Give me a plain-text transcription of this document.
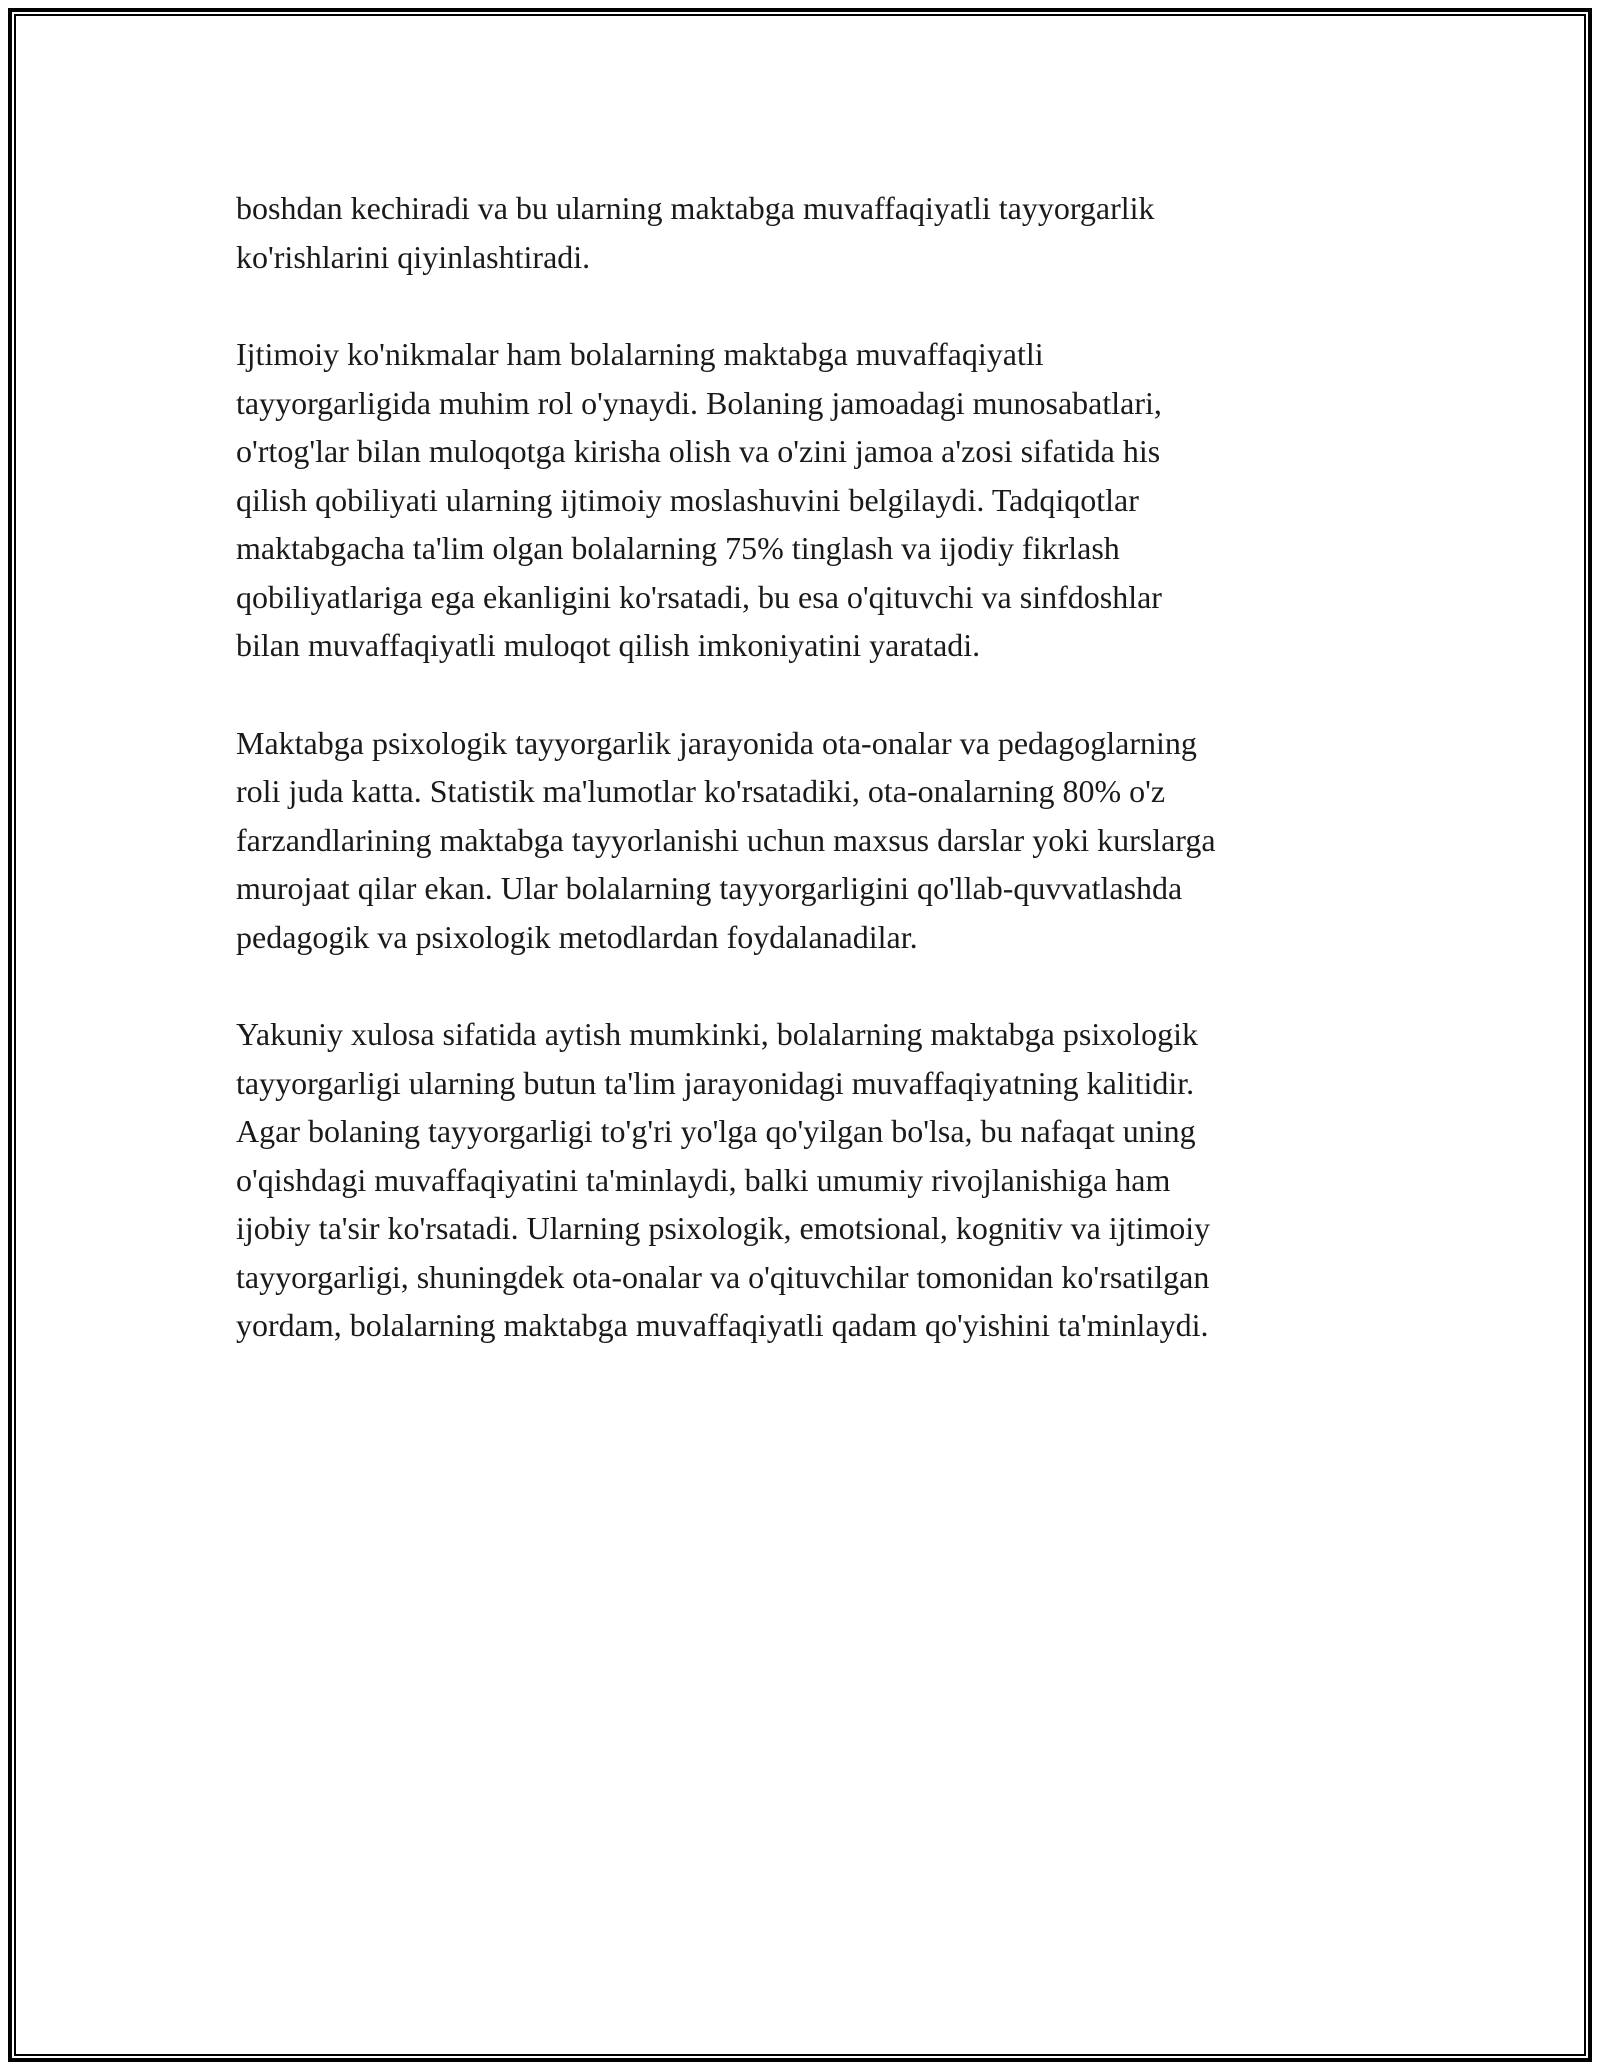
boshdan kechiradi va bu ularning maktabga muvaffaqiyatli tayyorgarlik
ko'rishlarini qiyinlashtiradi.

Ijtimoiy ko'nikmalar ham bolalarning maktabga muvaffaqiyatli
tayyorgarligida muhim rol o'ynaydi. Bolaning jamoadagi munosabatlari,
o'rtog'lar bilan muloqotga kirisha olish va o'zini jamoa a'zosi sifatida his
qilish qobiliyati ularning ijtimoiy moslashuvini belgilaydi. Tadqiqotlar
maktabgacha ta'lim olgan bolalarning 75% tinglash va ijodiy fikrlash
qobiliyatlariga ega ekanligini ko'rsatadi, bu esa o'qituvchi va sinfdoshlar
bilan muvaffaqiyatli muloqot qilish imkoniyatini yaratadi.

Maktabga psixologik tayyorgarlik jarayonida ota-onalar va pedagoglarning
roli juda katta. Statistik ma'lumotlar ko'rsatadiki, ota-onalarning 80% o'z
farzandlarining maktabga tayyorlanishi uchun maxsus darslar yoki kurslarga
murojaat qilar ekan. Ular bolalarning tayyorgarligini qo'llab-quvvatlashda
pedagogik va psixologik metodlardan foydalanadilar.

Yakuniy xulosa sifatida aytish mumkinki, bolalarning maktabga psixologik
tayyorgarligi ularning butun ta'lim jarayonidagi muvaffaqiyatning kalitidir.
Agar bolaning tayyorgarligi to'g'ri yo'lga qo'yilgan bo'lsa, bu nafaqat uning
o'qishdagi muvaffaqiyatini ta'minlaydi, balki umumiy rivojlanishiga ham
ijobiy ta'sir ko'rsatadi. Ularning psixologik, emotsional, kognitiv va ijtimoiy
tayyorgarligi, shuningdek ota-onalar va o'qituvchilar tomonidan ko'rsatilgan
yordam, bolalarning maktabga muvaffaqiyatli qadam qo'yishini ta'minlaydi.
